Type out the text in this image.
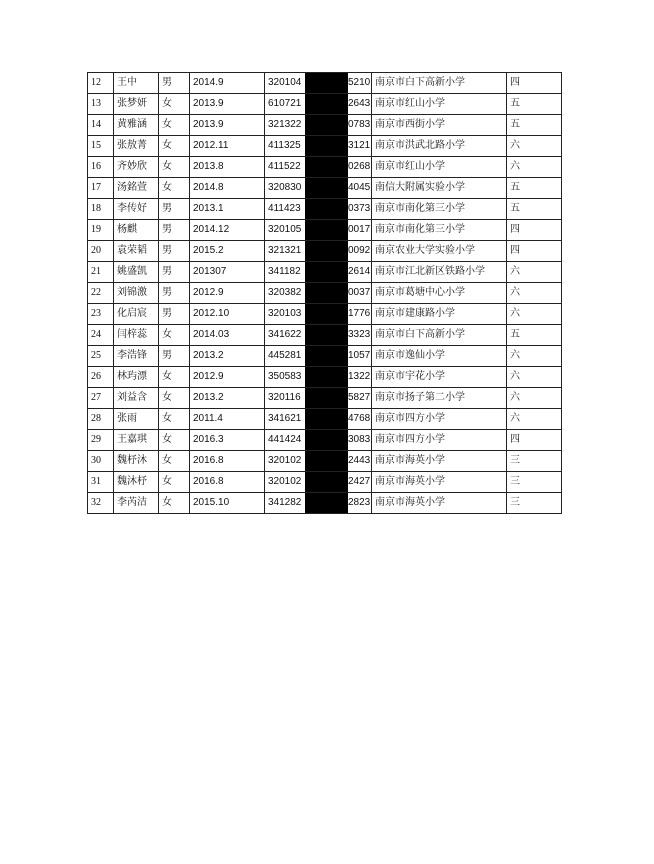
12	王中	男	2014.9	320104 5210	南京市白下高新小学	四
13	张梦妍	女	2013.9	610721 2643	南京市红山小学	五
14	黄雅涵	女	2013.9	321322 0783	南京市西街小学	五
15	张敖菁	女	2012.11	411325 3121	南京市洪武北路小学	六
16	齐妙欣	女	2013.8	411522 0268	南京市红山小学	六
17	汤銘萱	女	2014.8	320830 4045	南信大附属实验小学	五
18	李传好	男	2013.1	411423 0373	南京市南化第三小学	五
19	杨麒	男	2014.12	320105 0017	南京市南化第三小学	四
20	袁荣韬	男	2015.2	321321 0092	南京农业大学实验小学	四
21	姚盛凯	男	201307	341182 2614	南京市江北新区铁路小学	六
22	刘锦激	男	2012.9	320382 0037	南京市葛塘中心小学	六
23	化启宸	男	2012.10	320103 1776	南京市建康路小学	六
24	闫梓蕊	女	2014.03	341622 3323	南京市白下高新小学	五
25	李浩锋	男	2013.2	445281 1057	南京市逸仙小学	六
26	林玙漂	女	2012.9	350583 1322	南京市宇花小学	六
27	刘益含	女	2013.2	320116 5827	南京市扬子第二小学	六
28	张雨	女	2011.4	341621 4768	南京市四方小学	六
29	王嘉琪	女	2016.3	441424 3083	南京市四方小学	四
30	魏杼沐	女	2016.8	320102 2443	南京市海英小学	三
31	魏沐杼	女	2016.8	320102 2427	南京市海英小学	三
32	李芮洁	女	2015.10	341282 2823	南京市海英小学	三
